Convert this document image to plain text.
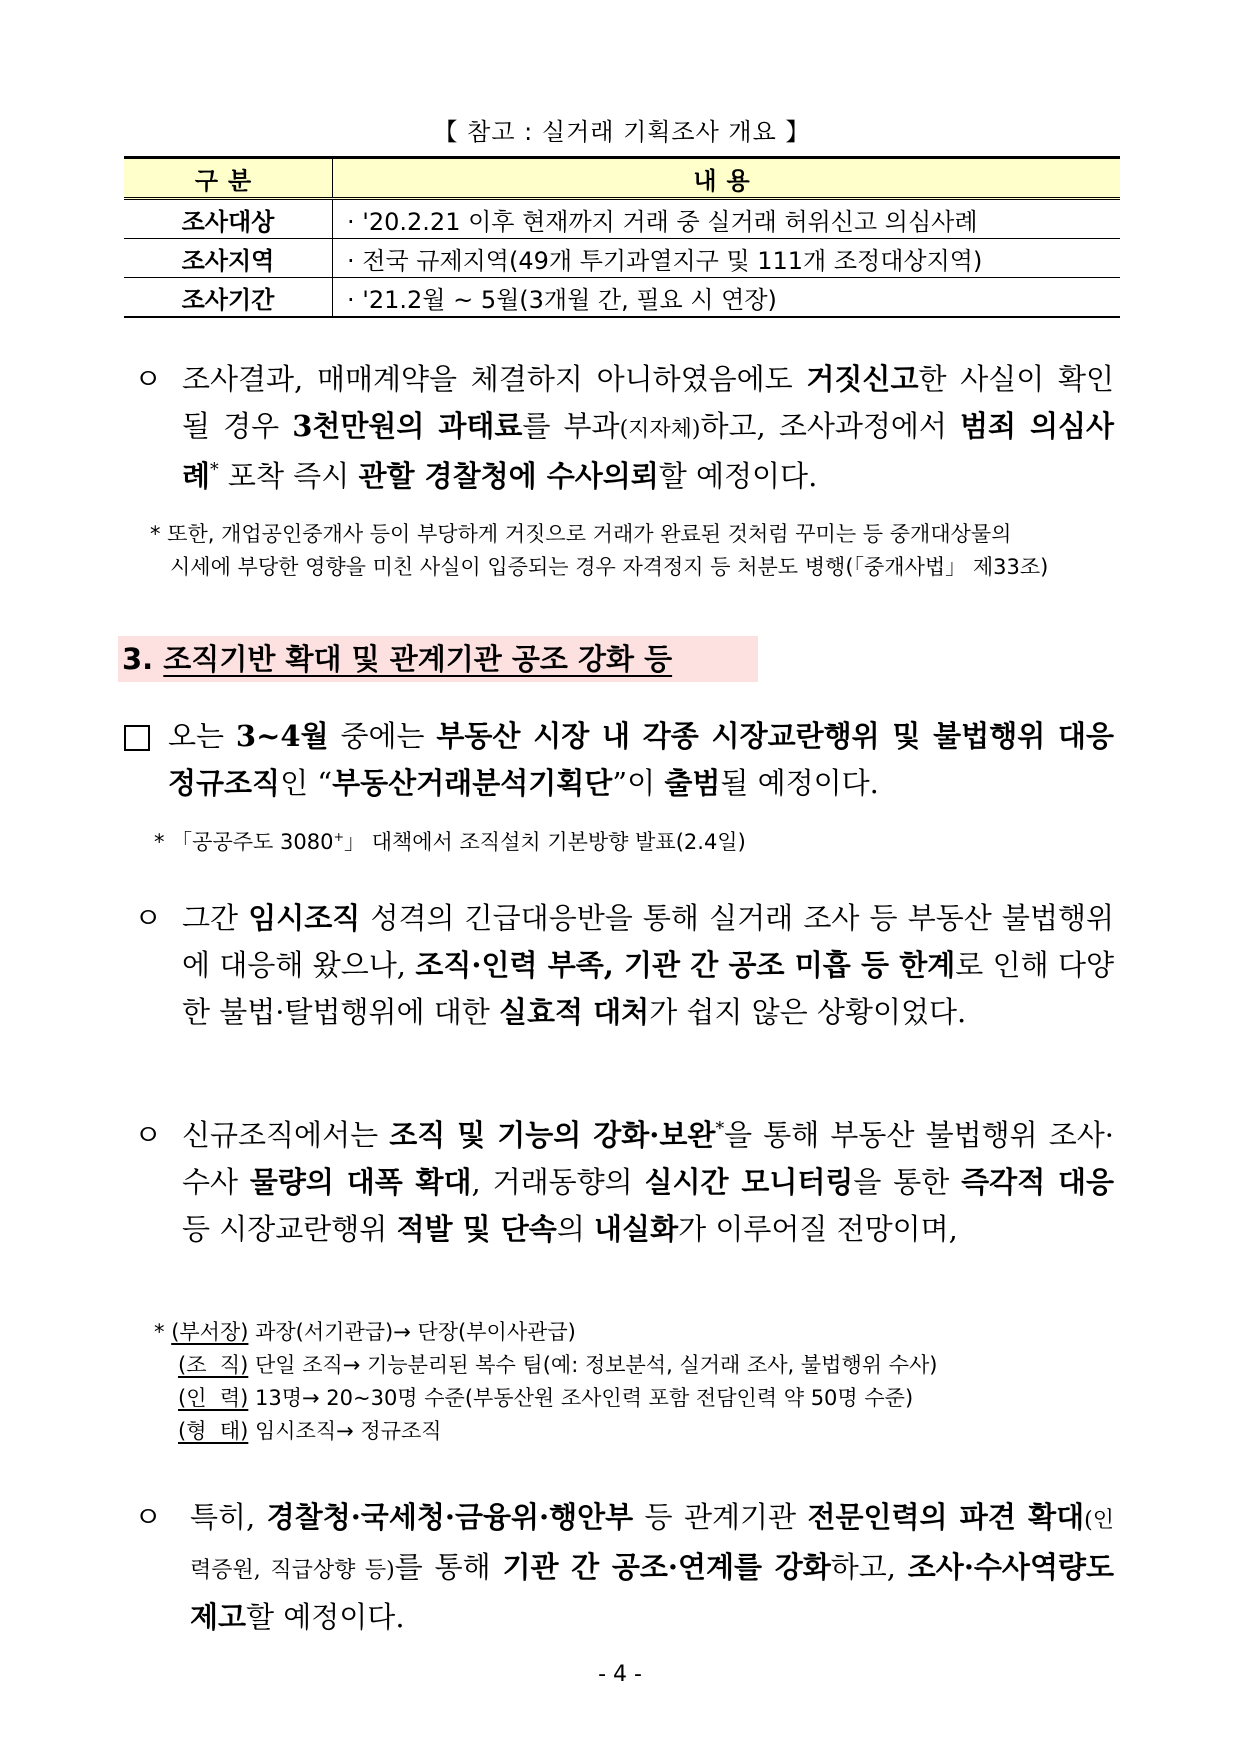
【 참고 : 실거래 기획조사 개요 】
구분	내용
조사대상	· '20.2.21 이후 현재까지 거래 중 실거래 허위신고 의심사례
조사지역	· 전국 규제지역(49개 투기과열지구 및 111개 조정대상지역)
조사기간	· '21.2월 ~ 5월(3개월 간, 필요 시 연장)
ㅇ 조사결과, 매매계약을 체결하지 아니하였음에도 거짓신고한 사실이 확인될 경우 3천만원의 과태료를 부과(지자체)하고, 조사과정에서 범죄 의심사례* 포착 즉시 관할 경찰청에 수사의뢰할 예정이다.
* 또한, 개업공인중개사 등이 부당하게 거짓으로 거래가 완료된 것처럼 꾸미는 등 중개대상물의
시세에 부당한 영향을 미친 사실이 입증되는 경우 자격정지 등 처분도 병행(「중개사법」 제33조)
3. 조직기반 확대 및 관계기관 공조 강화 등
오는 3~4월 중에는 부동산 시장 내 각종 시장교란행위 및 불법행위 대응 정규조직인 “부동산거래분석기획단”이 출범될 예정이다.
* 「공공주도 3080+」 대책에서 조직설치 기본방향 발표(2.4일)
ㅇ 그간 임시조직 성격의 긴급대응반을 통해 실거래 조사 등 부동산 불법행위에 대응해 왔으나, 조직·인력 부족, 기관 간 공조 미흡 등 한계로 인해 다양한 불법·탈법행위에 대한 실효적 대처가 쉽지 않은 상황이었다.
ㅇ 신규조직에서는 조직 및 기능의 강화·보완*을 통해 부동산 불법행위 조사·수사 물량의 대폭 확대, 거래동향의 실시간 모니터링을 통한 즉각적 대응 등 시장교란행위 적발 및 단속의 내실화가 이루어질 전망이며,
* (부서장) 과장(서기관급)→ 단장(부이사관급)
(조  직) 단일 조직→ 기능분리된 복수 팀(예: 정보분석, 실거래 조사, 불법행위 수사)
(인  력) 13명→ 20~30명 수준(부동산원 조사인력 포함 전담인력 약 50명 수준)
(형  태) 임시조직→ 정규조직
ㅇ 특히, 경찰청·국세청·금융위·행안부 등 관계기관 전문인력의 파견 확대(인력증원, 직급상향 등)를 통해 기관 간 공조·연계를 강화하고, 조사·수사역량도 제고할 예정이다.
- 4 -
